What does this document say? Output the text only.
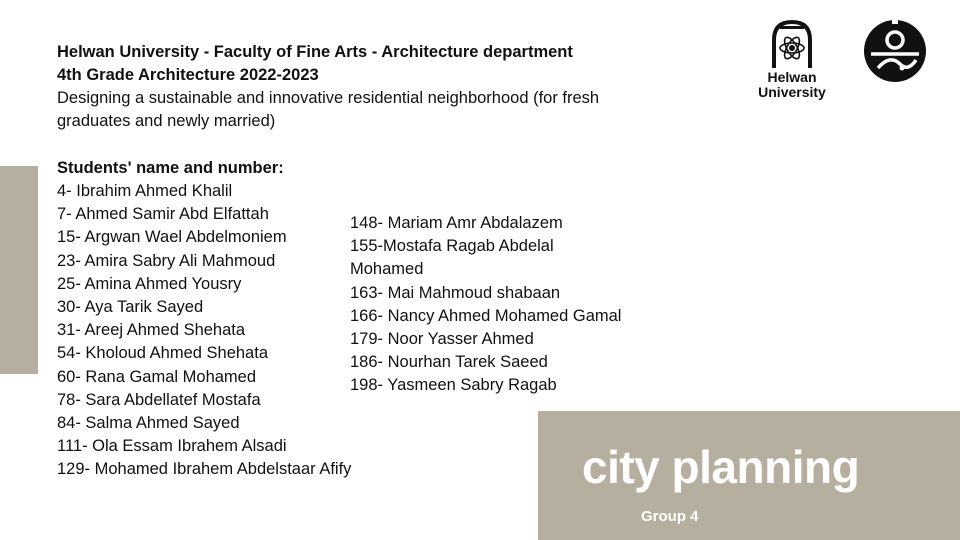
Helwan University - Faculty of Fine Arts - Architecture department
4th Grade Architecture 2022-2023
Designing a sustainable and innovative residential neighborhood (for fresh graduates and newly married)
Students' name and number:
4- Ibrahim Ahmed Khalil
7- Ahmed Samir Abd Elfattah
15- Argwan Wael Abdelmoniem
23- Amira Sabry Ali Mahmoud
25- Amina Ahmed Yousry
30- Aya Tarik Sayed
31- Areej Ahmed Shehata
54- Kholoud Ahmed Shehata
60- Rana Gamal Mohamed
78- Sara Abdellatef Mostafa
84- Salma Ahmed Sayed
111- Ola Essam Ibrahem Alsadi
129- Mohamed Ibrahem Abdelstaar Afify
148- Mariam Amr Abdalazem
155-Mostafa Ragab Abdelal Mohamed
163- Mai Mahmoud shabaan
166- Nancy Ahmed Mohamed Gamal
179- Noor Yasser Ahmed
186- Nourhan Tarek Saeed
198- Yasmeen Sabry Ragab
Helwan
University
city planning
Group 4
